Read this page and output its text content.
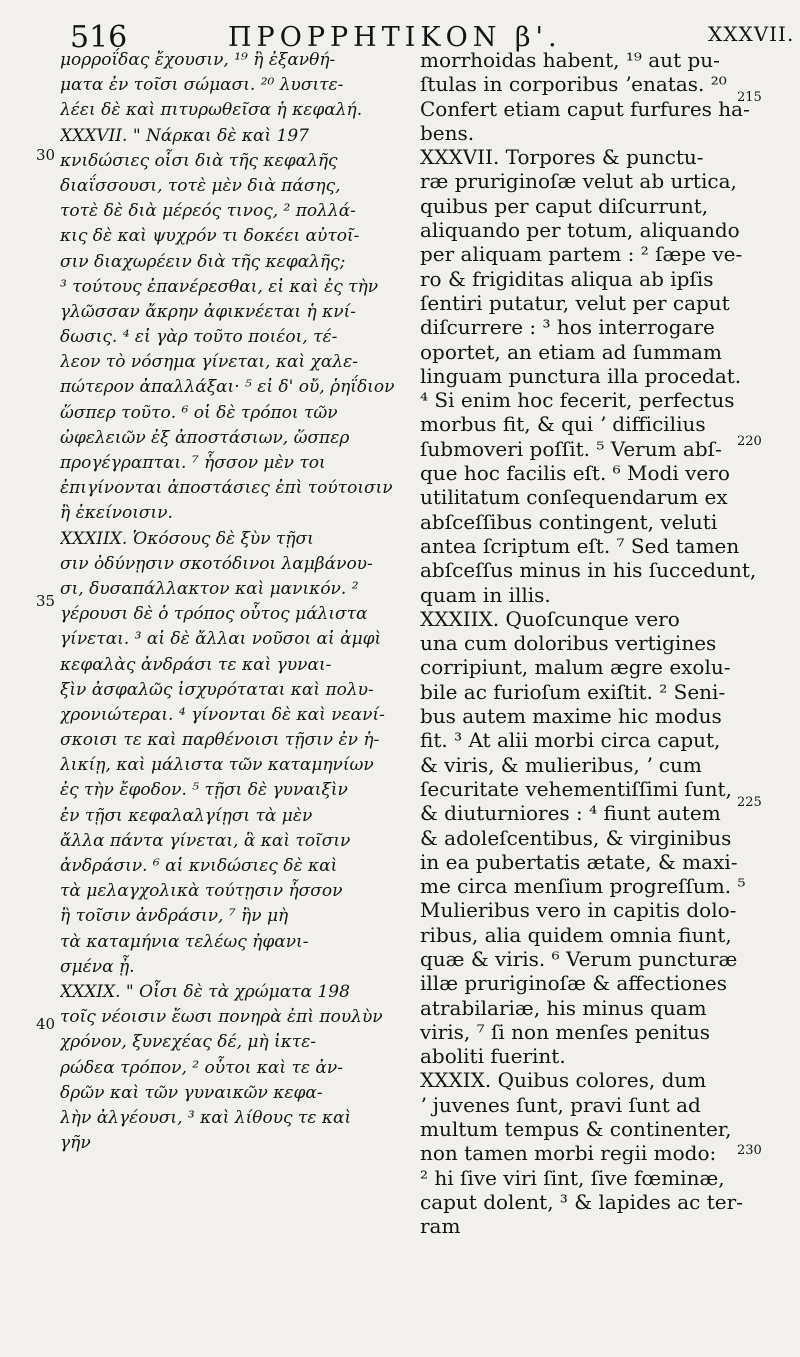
516	ΠΡΟΡΡΗΤΙΚΟΝ β'.	XXXVII.
μορροΐδας ἔχουσιν, ¹⁹ ἢ ἐξανθή-
ματα ἐν τοῖσι σώμασι. ²⁰ λυσιτε-
λέει δὲ καὶ πιτυρωθεῖσα ἡ κεφαλή.
XXXVII. " Νάρκαι δὲ καὶ 197
κνιδώσιες οἷσι διὰ τῆς κεφαλῆς
διαΐσσουσι, τοτὲ μὲν διὰ πάσης,
τοτὲ δὲ διὰ μέρεός τινος, ² πολλά-
κις δὲ καὶ ψυχρόν τι δοκέει αὐτοῖ-
σιν διαχωρέειν διὰ τῆς κεφαλῆς;
³ τούτους ἐπανέρεσθαι, εἰ καὶ ἐς τὴν
γλῶσσαν ἄκρην ἀφικνέεται ἡ κνί-
δωσις. ⁴ εἰ γὰρ τοῦτο ποιέοι, τέ-
λεον τὸ νόσημα γίνεται, καὶ χαλε-
πώτερον ἀπαλλάξαι· ⁵ εἰ δ' οὔ, ῥηΐδιον
ὥσπερ τοῦτο. ⁶ οἱ δὲ τρόποι τῶν
ὠφελειῶν ἐξ ἀποστάσιων, ὥσπερ
προγέγραπται. ⁷ ἧσσον μὲν τοι
ἐπιγίνονται ἀποστάσιες ἐπὶ τούτοισιν
ἢ ἐκείνοισιν.
XXXIIX. Ὁκόσους δὲ ξὺν τῇσι
σιν ὀδύνῃσιν σκοτόδινοι λαμβάνου-
σι, δυσαπάλλακτον καὶ μανικόν. ²
γέρουσι δὲ ὁ τρόπος οὗτος μάλιστα
γίνεται. ³ αἱ δὲ ἄλλαι νοῦσοι αἱ ἀμφὶ
κεφαλὰς ἀνδράσι τε καὶ γυναι-
ξὶν ἀσφαλῶς ἰσχυρόταται καὶ πολυ-
χρονιώτεραι. ⁴ γίνονται δὲ καὶ νεανί-
σκοισι τε καὶ παρθένοισι τῇσιν ἐν ἡ-
λικίῃ, καὶ μάλιστα τῶν καταμηνίων
ἐς τὴν ἔφοδον. ⁵ τῇσι δὲ γυναιξὶν
ἐν τῇσι κεφαλαλγίῃσι τὰ μὲν
ἄλλα πάντα γίνεται, ἃ καὶ τοῖσιν
ἀνδράσιν. ⁶ αἱ κνιδώσιες δὲ καὶ
τὰ μελαγχολικὰ τούτῃσιν ἧσσον
ἢ τοῖσιν ἀνδράσιν, ⁷ ἢν μὴ
τὰ καταμήνια τελέως ἠφανι-
σμένα ᾖ.
XXXIX. " Οἷσι δὲ τὰ χρώματα 198
τοῖς νέοισιν ἔωσι πονηρὰ ἐπὶ πουλὺν
χρόνον, ξυνεχέας δέ, μὴ ἰκτε-
ρώδεα τρόπον, ² οὗτοι καὶ τε ἀν-
δρῶν καὶ τῶν γυναικῶν κεφα-
λὴν ἀλγέουσι, ³ καὶ λίθους τε καὶ
γῆν
morrhoidas habent, ¹⁹ aut pu-
ſtulas in corporibus ʼenatas. ²⁰
Confert etiam caput furfures ha-
bens.
XXXVII. Torpores & punctu-
ræ pruriginoſæ velut ab urtica,
quibus per caput diſcurrunt,
aliquando per totum, aliquando
per aliquam partem : ² ſæpe ve-
ro & frigiditas aliqua ab ipſis
ſentiri putatur, velut per caput
diſcurrere : ³ hos interrogare
oportet, an etiam ad ſummam
linguam punctura illa procedat.
⁴ Si enim hoc fecerit, perfectus
morbus fit, & qui ʼ difficilius
ſubmoveri poſſit. ⁵ Verum abſ-
que hoc facilis eſt. ⁶ Modi vero
utilitatum conſequendarum ex
abſceſſibus contingent, veluti
antea ſcriptum eſt. ⁷ Sed tamen
abſceſſus minus in his ſuccedunt,
quam in illis.
XXXIIX. Quoſcunque vero
una cum doloribus vertigines
corripiunt, malum ægre exolu-
bile ac furioſum exiſtit. ² Seni-
bus autem maxime hic modus
fit. ³ At alii morbi circa caput,
& viris, & mulieribus, ʼ cum
ſecuritate vehementiſſimi ſunt,
& diuturniores : ⁴ fiunt autem
& adoleſcentibus, & virginibus
in ea pubertatis ætate, & maxi-
me circa menſium progreſſum. ⁵
Mulieribus vero in capitis dolo-
ribus, alia quidem omnia fiunt,
quæ & viris. ⁶ Verum puncturæ
illæ pruriginoſæ & affectiones
atrabilariæ, his minus quam
viris, ⁷ ſi non menſes penitus
aboliti fuerint.
XXXIX. Quibus colores, dum
ʼ juvenes ſunt, pravi ſunt ad
multum tempus & continenter,
non tamen morbi regii modo:
² hi ſive viri ſint, ſive fœminæ,
caput dolent, ³ & lapides ac ter-
ram
30
35
40
215
220
225
230
